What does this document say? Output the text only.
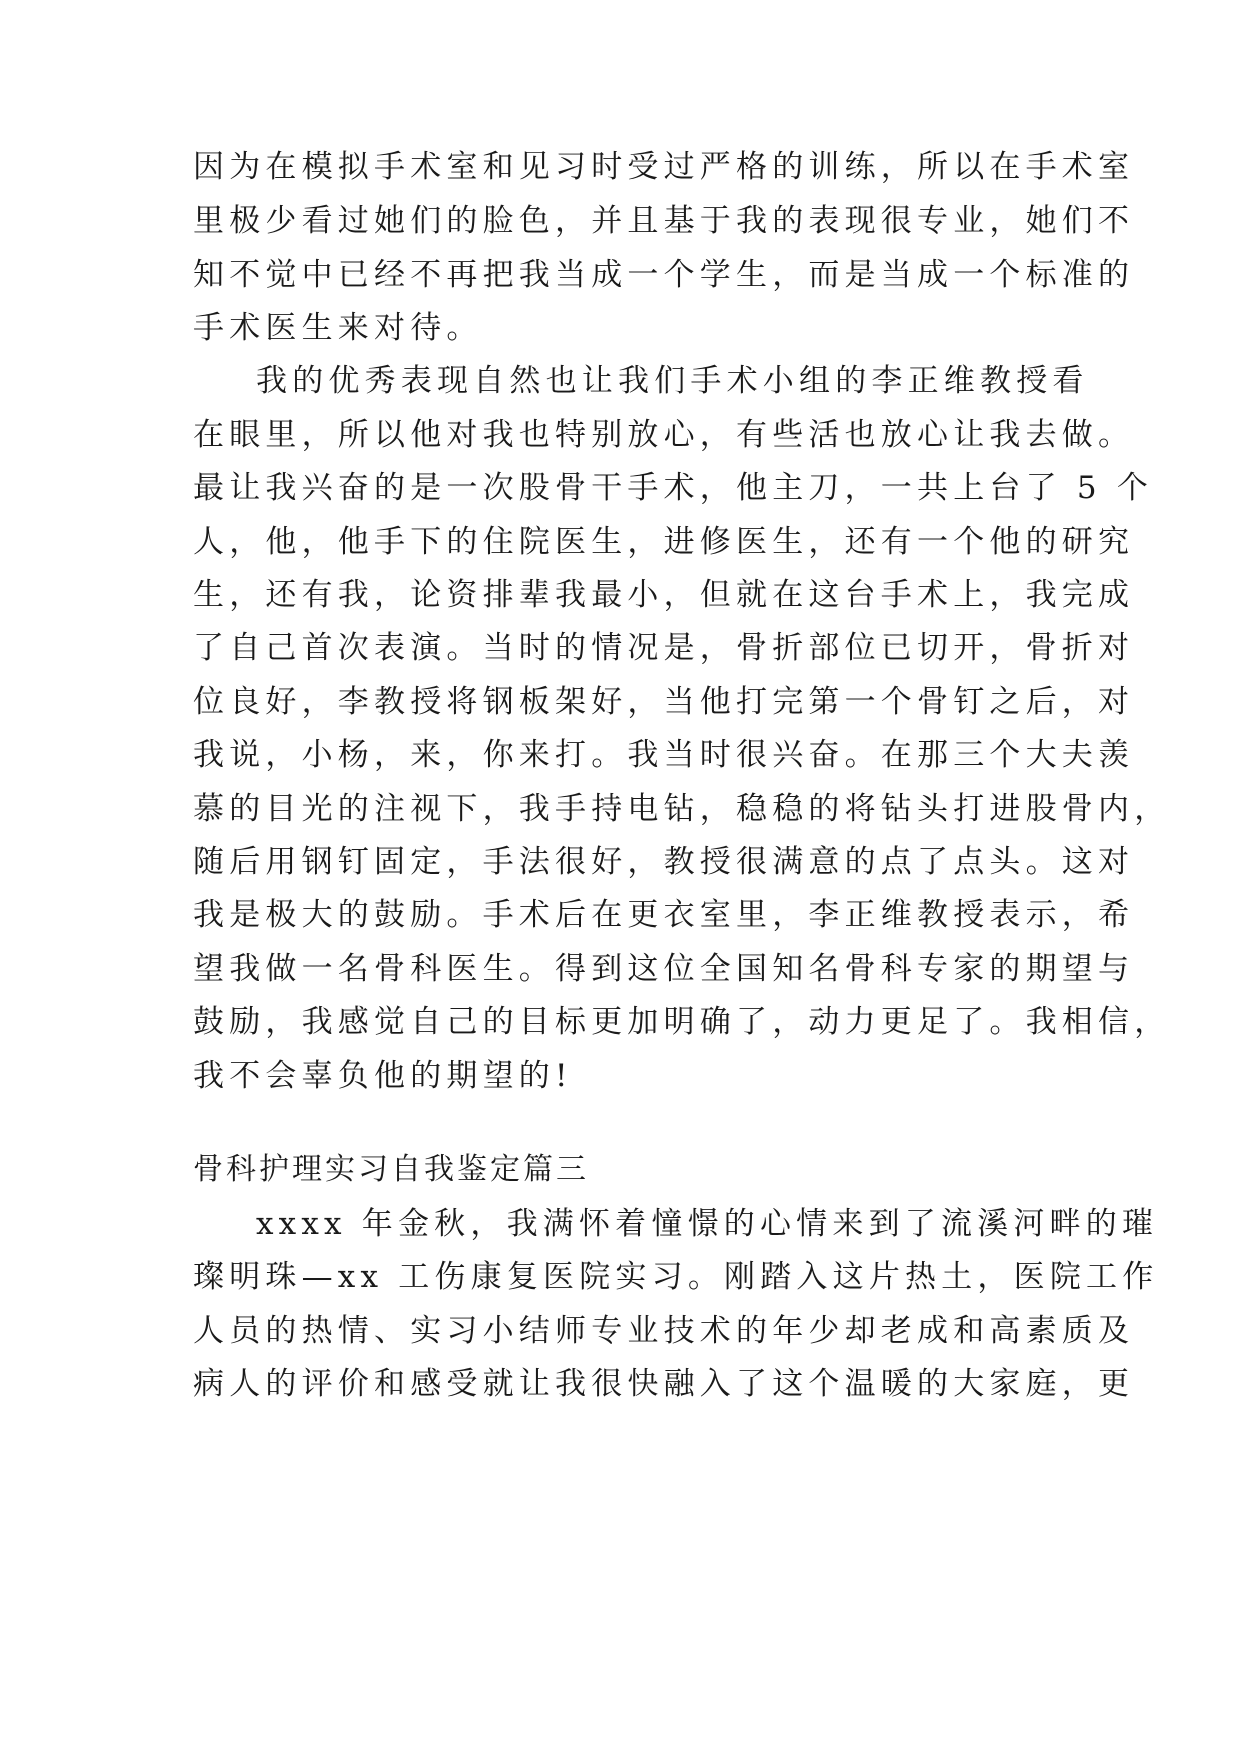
因为在模拟手术室和见习时受过严格的训练，所以在手术室
里极少看过她们的脸色，并且基于我的表现很专业，她们不
知不觉中已经不再把我当成一个学生，而是当成一个标准的
手术医生来对待。
我的优秀表现自然也让我们手术小组的李正维教授看
在眼里，所以他对我也特别放心，有些活也放心让我去做。
最让我兴奋的是一次股骨干手术，他主刀，一共上台了 5 个
人，他，他手下的住院医生，进修医生，还有一个他的研究
生，还有我，论资排辈我最小，但就在这台手术上，我完成
了自己首次表演。当时的情况是，骨折部位已切开，骨折对
位良好，李教授将钢板架好，当他打完第一个骨钉之后，对
我说，小杨，来，你来打。我当时很兴奋。在那三个大夫羡
慕的目光的注视下，我手持电钻，稳稳的将钻头打进股骨内，
随后用钢钉固定，手法很好，教授很满意的点了点头。这对
我是极大的鼓励。手术后在更衣室里，李正维教授表示，希
望我做一名骨科医生。得到这位全国知名骨科专家的期望与
鼓励，我感觉自己的目标更加明确了，动力更足了。我相信，
我不会辜负他的期望的!
骨科护理实习自我鉴定篇三
xxxx 年金秋，我满怀着憧憬的心情来到了流溪河畔的璀
璨明珠—xx 工伤康复医院实习。刚踏入这片热土，医院工作
人员的热情、实习小结师专业技术的年少却老成和高素质及
病人的评价和感受就让我很快融入了这个温暖的大家庭，更
